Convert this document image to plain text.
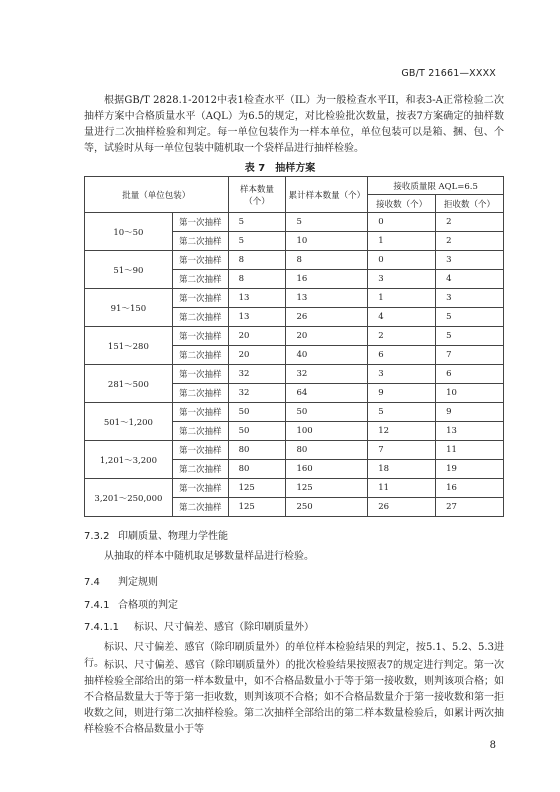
GB/T 21661—XXXX

根据GB/T 2828.1-2012中表1检查水平（IL）为一般检查水平II，和表3-A正常检验二次抽样方案中合格质量水平（AQL）为6.5的规定，对比检验批次数量，按表7方案确定的抽样数量进行二次抽样检验和判定。每一单位包装作为一样本单位，单位包装可以是箱、捆、包、个等，试验时从每一单位包装中随机取一个袋样品进行抽样检验。

表 7　抽样方案
批量（单位包装）		样本数量（个）	累计样本数量（个）	接收质量限 AQL=6.5	
				接收数（个）	拒收数（个）
10～50	第一次抽样	5	5	0	2
	第二次抽样	5	10	1	2
51～90	第一次抽样	8	8	0	3
	第二次抽样	8	16	3	4
91～150	第一次抽样	13	13	1	3
	第二次抽样	13	26	4	5
151～280	第一次抽样	20	20	2	5
	第二次抽样	20	40	6	7
281～500	第一次抽样	32	32	3	6
	第二次抽样	32	64	9	10
501～1,200	第一次抽样	50	50	5	9
	第二次抽样	50	100	12	13
1,201～3,200	第一次抽样	80	80	7	11
	第二次抽样	80	160	18	19
3,201～250,000	第一次抽样	125	125	11	16
	第二次抽样	125	250	26	27

7.3.2 印刷质量、物理力学性能

从抽取的样本中随机取足够数量样品进行检验。

7.4 判定规则

7.4.1 合格项的判定

7.4.1.1 标识、尺寸偏差、感官（除印刷质量外）

标识、尺寸偏差、感官（除印刷质量外）的单位样本检验结果的判定，按5.1、5.2、5.3进行。 标识、尺寸偏差、感官（除印刷质量外）的批次检验结果按照表7的规定进行判定。第一次抽样检验全部给出的第一样本数量中，如不合格品数量小于等于第一接收数，则判该项合格；如不合格品数量大于等于第一拒收数，则判该项不合格；如不合格品数量介于第一接收数和第一拒收数之间，则进行第二次抽样检验。第二次抽样全部给出的第二样本数量检验后，如累计两次抽样检验不合格品数量小于等

8
